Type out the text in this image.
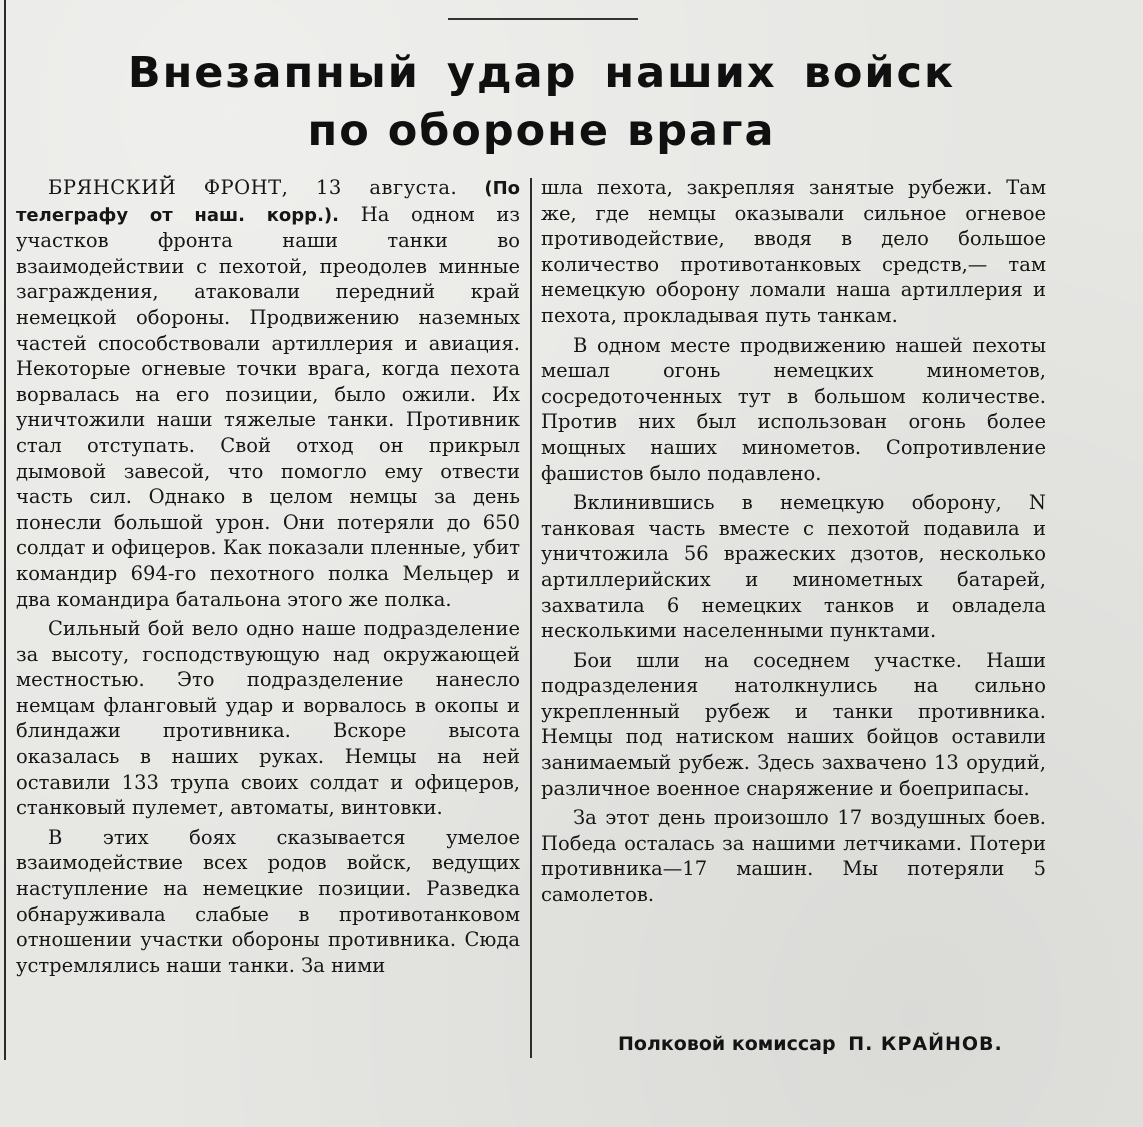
Внезапный удар наших войск
по обороне врага

БРЯНСКИЙ ФРОНТ, 13 августа. (По телеграфу от наш. корр.). На одном из участков фронта наши танки во взаимодействии с пехотой, преодолев минные заграждения, атаковали передний край немецкой обороны. Продвижению наземных частей способствовали артиллерия и авиация. Некоторые огневые точки врага, когда пехота ворвалась на его позиции, было ожили. Их уничтожили наши тяжелые танки. Противник стал отступать. Свой отход он прикрыл дымовой завесой, что помогло ему отвести часть сил. Однако в целом немцы за день понесли большой урон. Они потеряли до 650 солдат и офицеров. Как показали пленные, убит командир 694-го пехотного полка Мельцер и два командира батальона этого же полка.

Сильный бой вело одно наше подразделение за высоту, господствующую над окружающей местностью. Это подразделение нанесло немцам фланговый удар и ворвалось в окопы и блиндажи противника. Вскоре высота оказалась в наших руках. Немцы на ней оставили 133 трупа своих солдат и офицеров, станковый пулемет, автоматы, винтовки.

В этих боях сказывается умелое взаимодействие всех родов войск, ведущих наступление на немецкие позиции. Разведка обнаруживала слабые в противотанковом отношении участки обороны противника. Сюда устремлялись наши танки. За ними

шла пехота, закрепляя занятые рубежи. Там же, где немцы оказывали сильное огневое противодействие, вводя в дело большое количество противотанковых средств,— там немецкую оборону ломали наша артиллерия и пехота, прокладывая путь танкам.

В одном месте продвижению нашей пехоты мешал огонь немецких минометов, сосредоточенных тут в большом количестве. Против них был использован огонь более мощных наших минометов. Сопротивление фашистов было подавлено.

Вклинившись в немецкую оборону, N танковая часть вместе с пехотой подавила и уничтожила 56 вражеских дзотов, несколько артиллерийских и минометных батарей, захватила 6 немецких танков и овладела несколькими населенными пунктами.

Бои шли на соседнем участке. Наши подразделения натолкнулись на сильно укрепленный рубеж и танки противника. Немцы под натиском наших бойцов оставили занимаемый рубеж. Здесь захвачено 13 орудий, различное военное снаряжение и боеприпасы.

За этот день произошло 17 воздушных боев. Победа осталась за нашими летчиками. Потери противника—17 машин. Мы потеряли 5 самолетов.

Полковой комиссар П. КРАЙНОВ.
